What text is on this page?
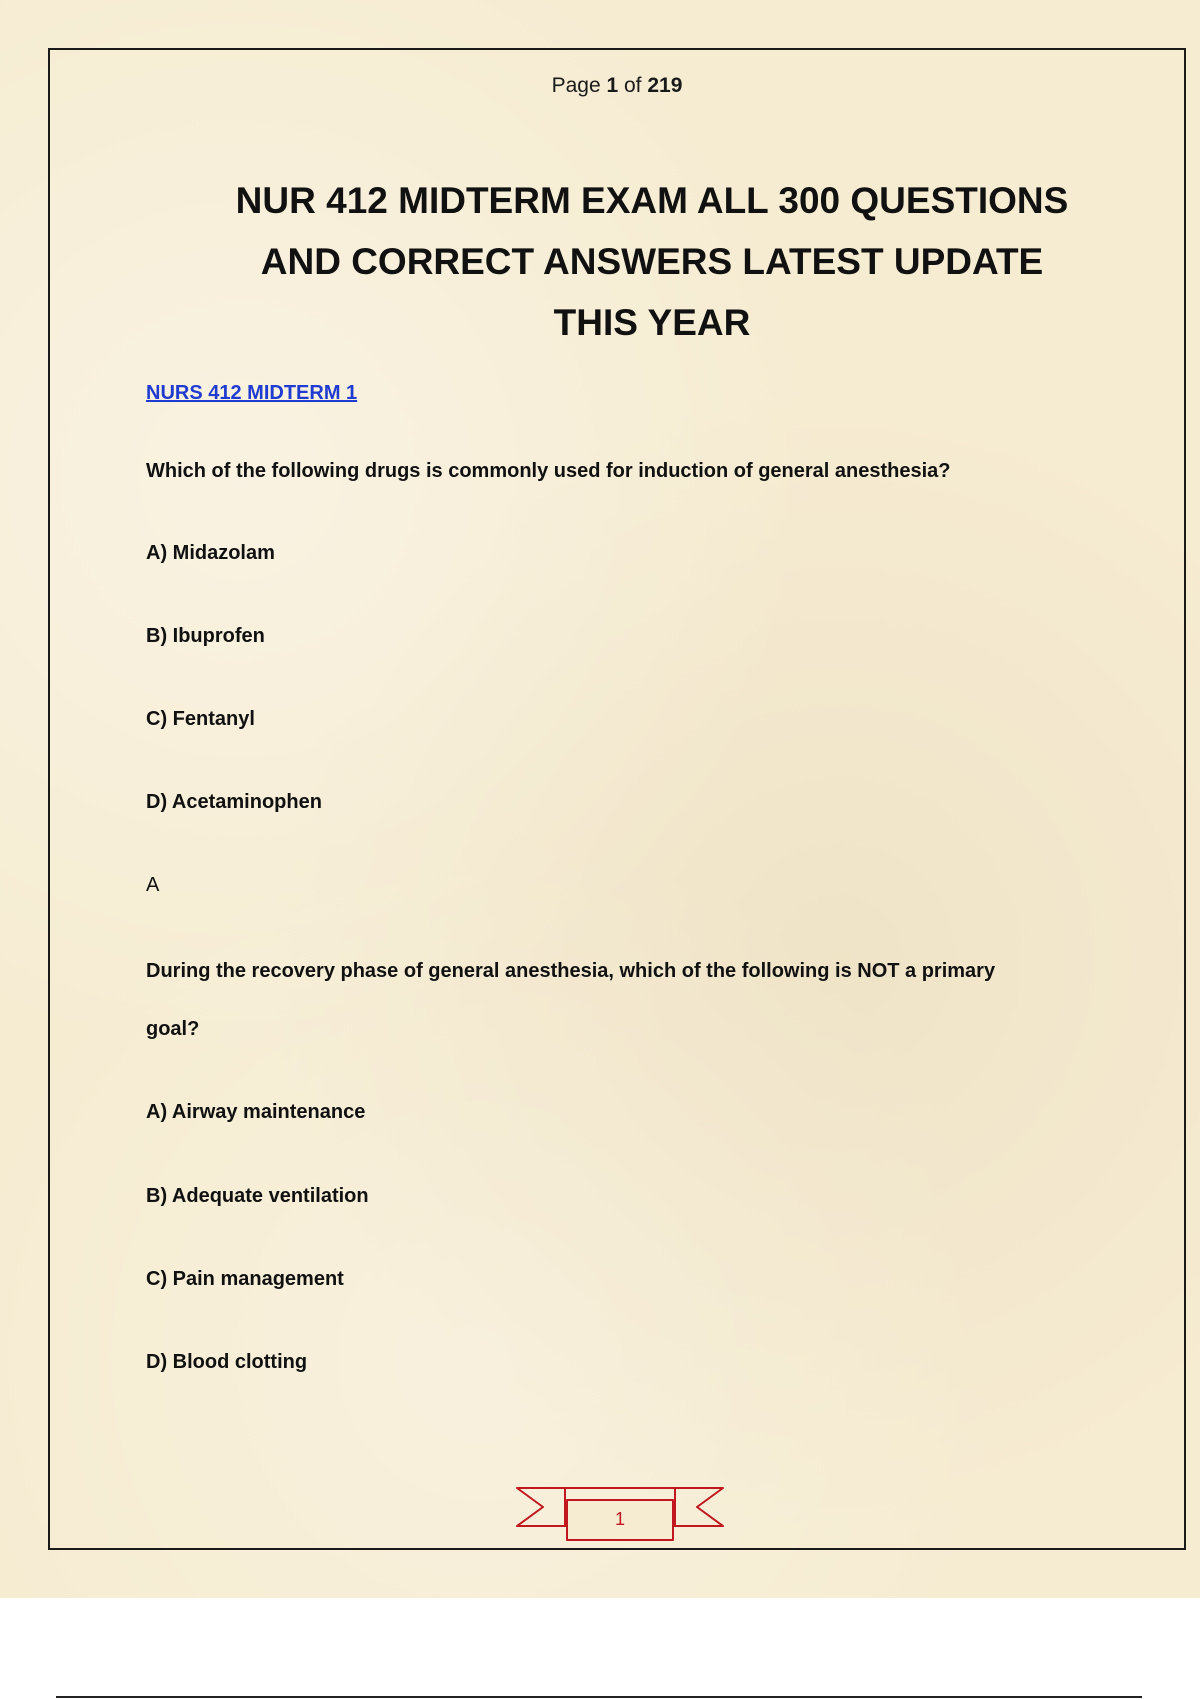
Page 1 of 219
NUR 412 MIDTERM EXAM ALL 300 QUESTIONS AND CORRECT ANSWERS LATEST UPDATE THIS YEAR
NURS 412 MIDTERM 1
Which of the following drugs is commonly used for induction of general anesthesia?
A) Midazolam
B) Ibuprofen
C) Fentanyl
D) Acetaminophen
A
During the recovery phase of general anesthesia, which of the following is NOT a primary
goal?
A) Airway maintenance
B) Adequate ventilation
C) Pain management
D) Blood clotting
1
